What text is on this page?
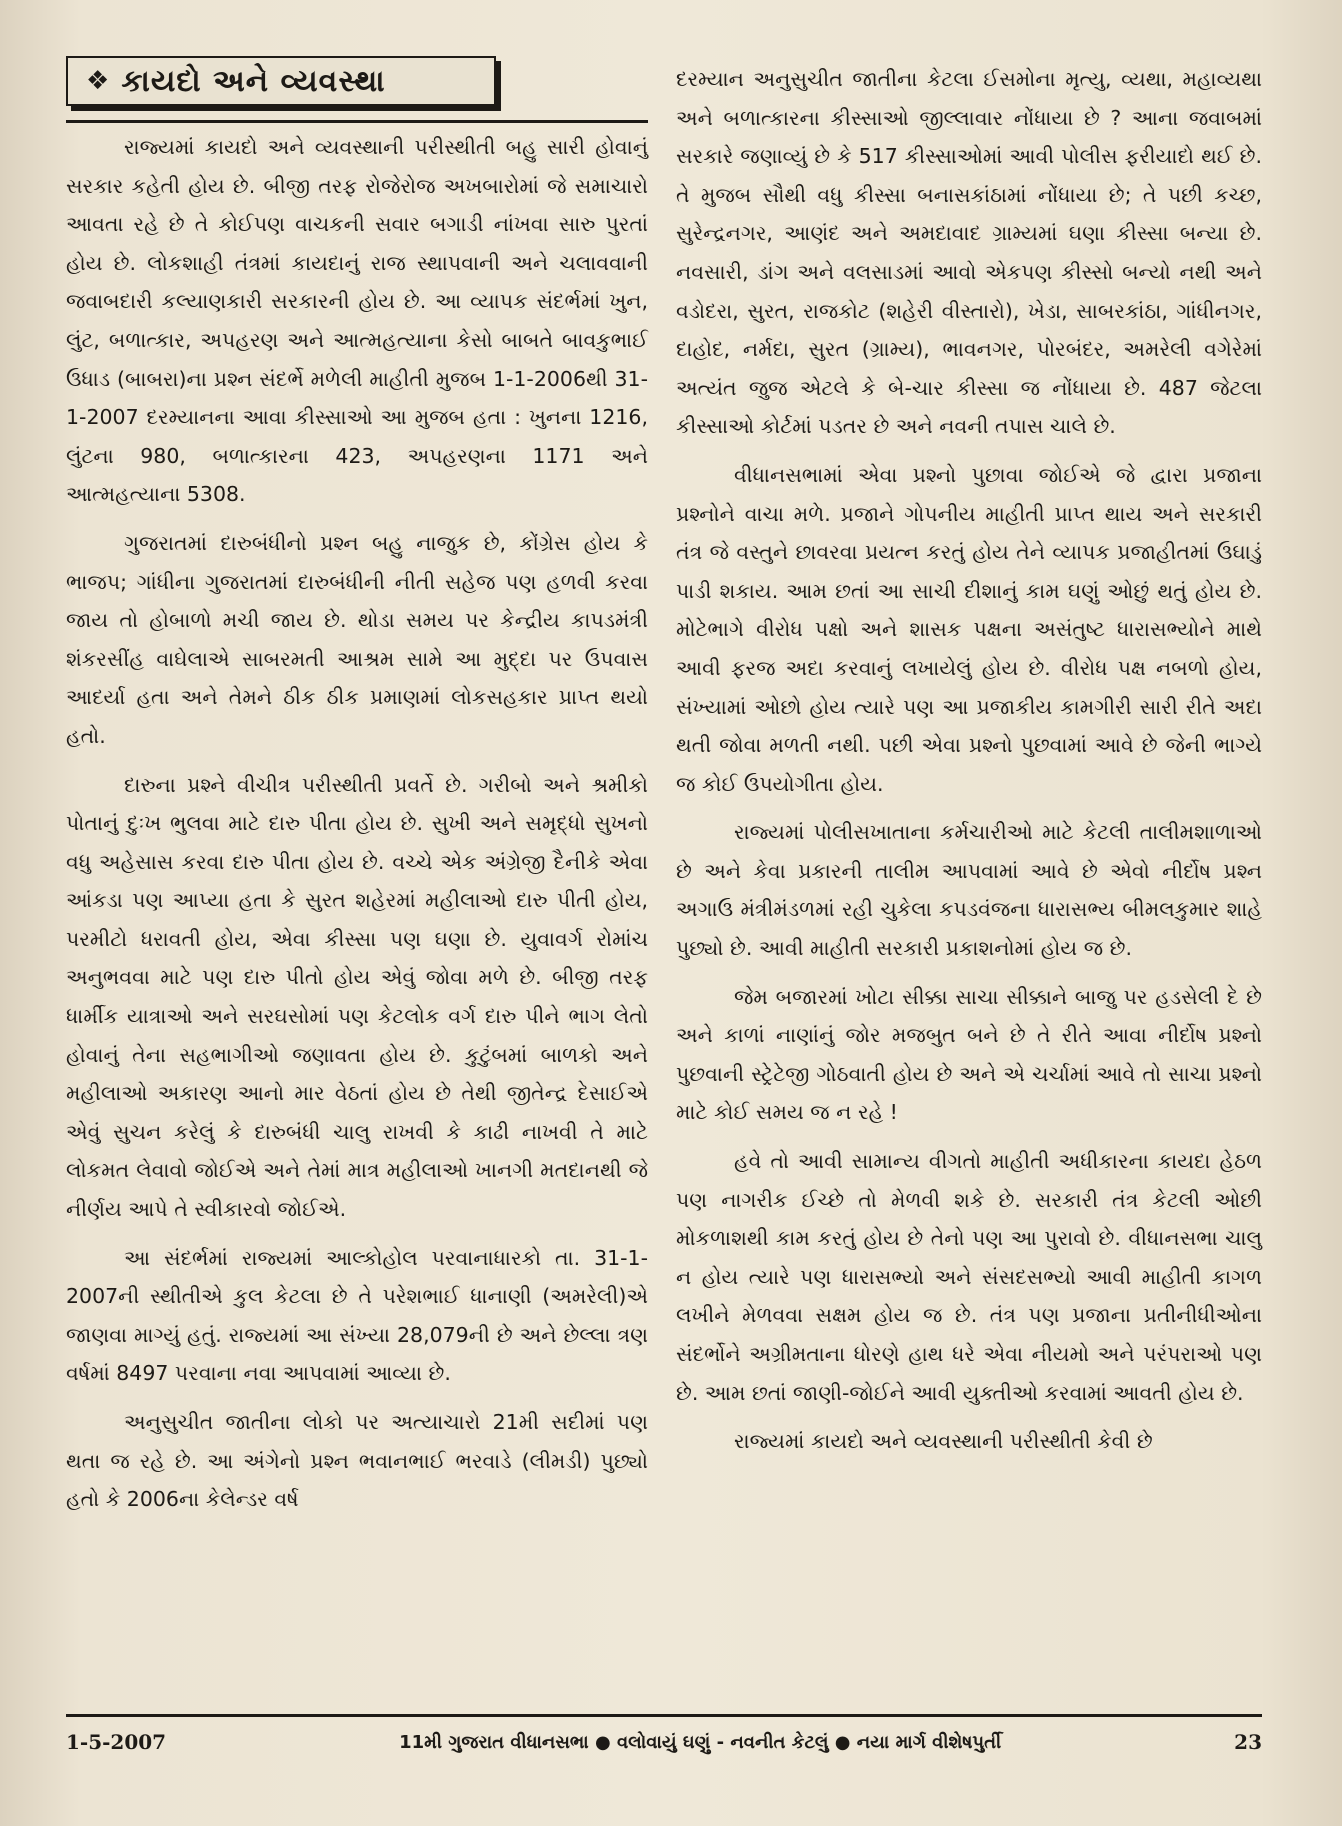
❖ કાયદો અને વ્યવસ્થા

રાજ્યમાં કાયદો અને વ્યવસ્થાની પરીસ્થીતી બહુ સારી હોવાનું સરકાર કહેતી હોય છે. બીજી તરફ રોજેરોજ અખબારોમાં જે સમાચારો આવતા રહે છે તે કોઈપણ વાચકની સવાર બગાડી નાંખવા સારુ પુરતાં હોય છે. લોકશાહી તંત્રમાં કાયદાનું રાજ સ્થાપવાની અને ચલાવવાની જવાબદારી કલ્યાણકારી સરકારની હોય છે. આ વ્યાપક સંદર્ભમાં ખુન, લુંટ, બળાત્કાર, અપહરણ અને આત્મહત્યાના કેસો બાબતે બાવકુભાઈ ઉધાડ (બાબરા)ના પ્રશ્ન સંદર્ભે મળેલી માહીતી મુજબ 1-1-2006થી 31-1-2007 દરમ્યાનના આવા કીસ્સાઓ આ મુજબ હતા : ખુનના 1216, લુંટના 980, બળાત્કારના 423, અપહરણના 1171 અને આત્મહત્યાના 5308.

ગુજરાતમાં દારુબંધીનો પ્રશ્ન બહુ નાજુક છે, કોંગ્રેસ હોય કે ભાજપ; ગાંધીના ગુજરાતમાં દારુબંધીની નીતી સહેજ પણ હળવી કરવા જાય તો હોબાળો મચી જાય છે. થોડા સમય પર કેન્દ્રીય કાપડમંત્રી શંકરસીંહ વાઘેલાએ સાબરમતી આશ્રમ સામે આ મુદ્દા પર ઉપવાસ આદર્યા હતા અને તેમને ઠીક ઠીક પ્રમાણમાં લોકસહકાર પ્રાપ્ત થયો હતો.

દારુના પ્રશ્ને વીચીત્ર પરીસ્થીતી પ્રવર્તે છે. ગરીબો અને શ્રમીકો પોતાનું દુઃખ ભુલવા માટે દારુ પીતા હોય છે. સુખી અને સમૃદ્ધો સુખનો વધુ અહેસાસ કરવા દારુ પીતા હોય છે. વચ્ચે એક અંગ્રેજી દૈનીકે એવા આંકડા પણ આપ્યા હતા કે સુરત શહેરમાં મહીલાઓ દારુ પીતી હોય, પરમીટો ધરાવતી હોય, એવા કીસ્સા પણ ઘણા છે. યુવાવર્ગ રોમાંચ અનુભવવા માટે પણ દારુ પીતો હોય એવું જોવા મળે છે. બીજી તરફ ધાર્મીક યાત્રાઓ અને સરઘસોમાં પણ કેટલોક વર્ગ દારુ પીને ભાગ લેતો હોવાનું તેના સહભાગીઓ જણાવતા હોય છે. કુટુંબમાં બાળકો અને મહીલાઓ અકારણ આનો માર વેઠતાં હોય છે તેથી જીતેન્દ્ર દેસાઈએ એવું સુચન કરેલું કે દારુબંધી ચાલુ રાખવી કે કાઢી નાખવી તે માટે લોકમત લેવાવો જોઈએ અને તેમાં માત્ર મહીલાઓ ખાનગી મતદાનથી જે નીર્ણય આપે તે સ્વીકારવો જોઈએ.

આ સંદર્ભમાં રાજ્યમાં આલ્કોહોલ પરવાનાધારકો તા. 31-1-2007ની સ્થીતીએ કુલ કેટલા છે તે પરેશભાઈ ધાનાણી (અમરેલી)એ જાણવા માગ્યું હતું. રાજ્યમાં આ સંખ્યા 28,079ની છે અને છેલ્લા ત્રણ વર્ષમાં 8497 પરવાના નવા આપવામાં આવ્યા છે.

અનુસુચીત જાતીના લોકો પર અત્યાચારો 21મી સદીમાં પણ થતા જ રહે છે. આ અંગેનો પ્રશ્ન ભવાનભાઈ ભરવાડે (લીમડી) પુછ્યો હતો કે 2006ના કેલેન્ડર વર્ષ

દરમ્યાન અનુસુચીત જાતીના કેટલા ઈસમોના મૃત્યુ, વ્યથા, મહાવ્યથા અને બળાત્કારના કીસ્સાઓ જીલ્લાવાર નોંધાયા છે ? આના જવાબમાં સરકારે જણાવ્યું છે કે 517 કીસ્સાઓમાં આવી પોલીસ ફરીયાદો થઈ છે. તે મુજબ સૌથી વધુ કીસ્સા બનાસકાંઠામાં નોંધાયા છે; તે પછી કચ્છ, સુરેન્દ્રનગર, આણંદ અને અમદાવાદ ગ્રામ્યમાં ઘણા કીસ્સા બન્યા છે. નવસારી, ડાંગ અને વલસાડમાં આવો એકપણ કીસ્સો બન્યો નથી અને વડોદરા, સુરત, રાજકોટ (શહેરી વીસ્તારો), ખેડા, સાબરકાંઠા, ગાંધીનગર, દાહોદ, નર્મદા, સુરત (ગ્રામ્ય), ભાવનગર, પોરબંદર, અમરેલી વગેરેમાં અત્યંત જુજ એટલે કે બે-ચાર કીસ્સા જ નોંધાયા છે. 487 જેટલા કીસ્સાઓ કોર્ટમાં પડતર છે અને નવની તપાસ ચાલે છે.

વીધાનસભામાં એવા પ્રશ્નો પુછાવા જોઈએ જે દ્વારા પ્રજાના પ્રશ્નોને વાચા મળે. પ્રજાને ગોપનીય માહીતી પ્રાપ્ત થાય અને સરકારી તંત્ર જે વસ્તુને છાવરવા પ્રયત્ન કરતું હોય તેને વ્યાપક પ્રજાહીતમાં ઉઘાડું પાડી શકાય. આમ છતાં આ સાચી દીશાનું કામ ઘણું ઓછું થતું હોય છે. મોટેભાગે વીરોધ પક્ષો અને શાસક પક્ષના અસંતુષ્ટ ધારાસભ્યોને માથે આવી ફરજ અદા કરવાનું લખાયેલું હોય છે. વીરોધ પક્ષ નબળો હોય, સંખ્યામાં ઓછો હોય ત્યારે પણ આ પ્રજાકીય કામગીરી સારી રીતે અદા થતી જોવા મળતી નથી. પછી એવા પ્રશ્નો પુછવામાં આવે છે જેની ભાગ્યે જ કોઈ ઉપયોગીતા હોય.

રાજ્યમાં પોલીસખાતાના કર્મચારીઓ માટે કેટલી તાલીમશાળાઓ છે અને કેવા પ્રકારની તાલીમ આપવામાં આવે છે એવો નીર્દોષ પ્રશ્ન અગાઉ મંત્રીમંડળમાં રહી ચુકેલા કપડવંજના ધારાસભ્ય બીમલકુમાર શાહે પુછ્યો છે. આવી માહીતી સરકારી પ્રકાશનોમાં હોય જ છે.

જેમ બજારમાં ખોટા સીક્કા સાચા સીક્કાને બાજુ પર હડસેલી દે છે અને કાળાં નાણાંનું જોર મજબુત બને છે તે રીતે આવા નીર્દોષ પ્રશ્નો પુછવાની સ્ટ્રેટેજી ગોઠવાતી હોય છે અને એ ચર્ચામાં આવે તો સાચા પ્રશ્નો માટે કોઈ સમય જ ન રહે !

હવે તો આવી સામાન્ય વીગતો માહીતી અધીકારના કાયદા હેઠળ પણ નાગરીક ઈચ્છે તો મેળવી શકે છે. સરકારી તંત્ર કેટલી ઓછી મોકળાશથી કામ કરતું હોય છે તેનો પણ આ પુરાવો છે. વીધાનસભા ચાલુ ન હોય ત્યારે પણ ધારાસભ્યો અને સંસદસભ્યો આવી માહીતી કાગળ લખીને મેળવવા સક્ષમ હોય જ છે. તંત્ર પણ પ્રજાના પ્રતીનીધીઓના સંદર્ભોને અગ્રીમતાના ધોરણે હાથ ધરે એવા નીયમો અને પરંપરાઓ પણ છે. આમ છતાં જાણી-જોઈને આવી યુક્તીઓ કરવામાં આવતી હોય છે.

રાજ્યમાં કાયદો અને વ્યવસ્થાની પરીસ્થીતી કેવી છે

1-5-2007	11મી ગુજરાત વીધાનસભા ● વલોવાયું ઘણું - નવનીત કેટલું ● નયા માર્ગ વીશેષપુર્તી	23
